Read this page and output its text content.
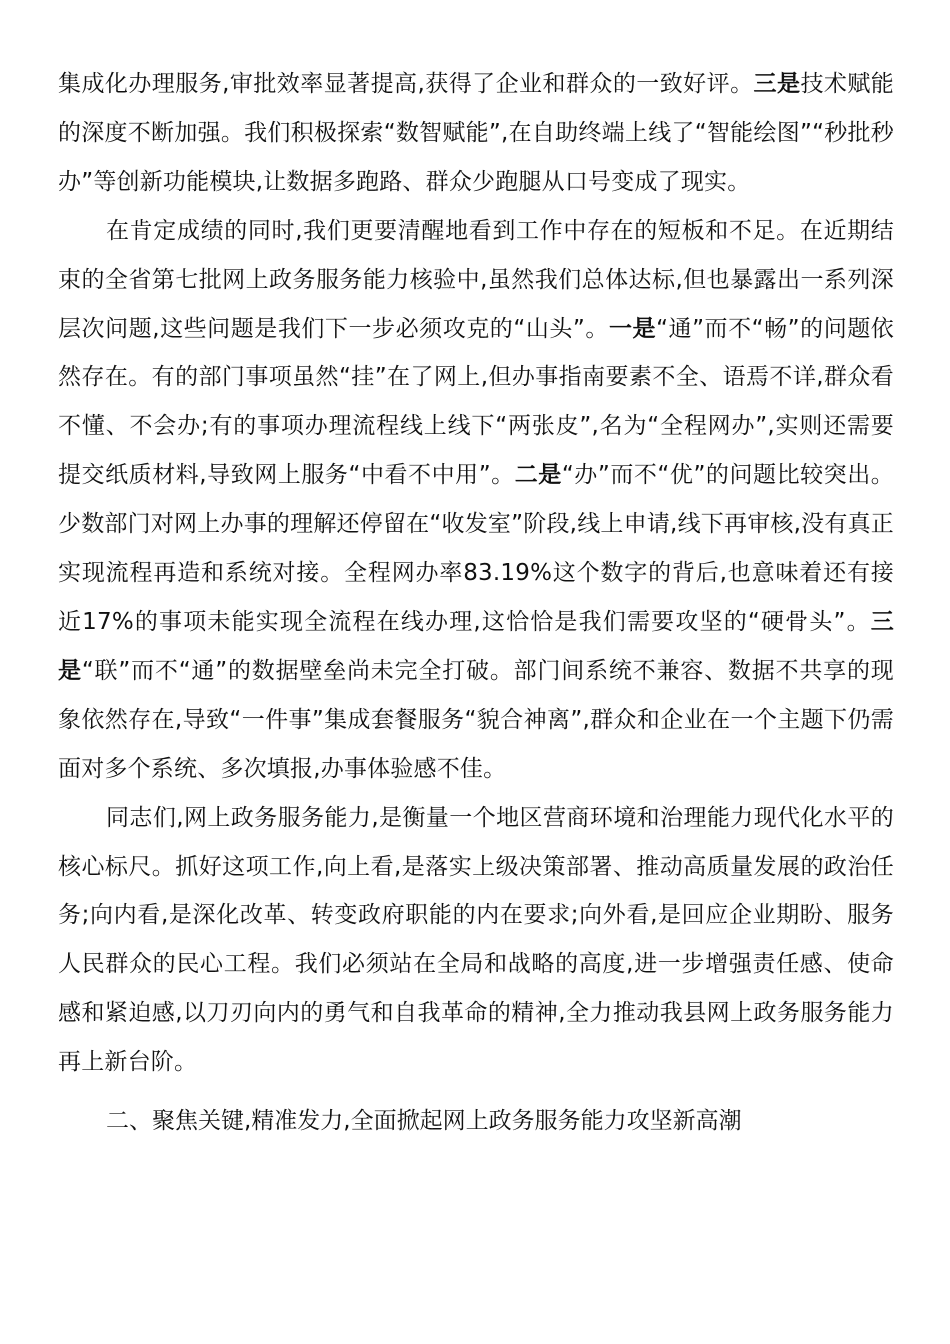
集成化办理服务,审批效率显著提高,获得了企业和群众的一致好评。三是技术赋能的深度不断加强。我们积极探索“数智赋能”,在自助终端上线了“智能绘图”“秒批秒办”等创新功能模块,让数据多跑路、群众少跑腿从口号变成了现实。

在肯定成绩的同时,我们更要清醒地看到工作中存在的短板和不足。在近期结束的全省第七批网上政务服务能力核验中,虽然我们总体达标,但也暴露出一系列深层次问题,这些问题是我们下一步必须攻克的“山头”。一是“通”而不“畅”的问题依然存在。有的部门事项虽然“挂”在了网上,但办事指南要素不全、语焉不详,群众看不懂、不会办;有的事项办理流程线上线下“两张皮”,名为“全程网办”,实则还需要提交纸质材料,导致网上服务“中看不中用”。二是“办”而不“优”的问题比较突出。少数部门对网上办事的理解还停留在“收发室”阶段,线上申请,线下再审核,没有真正实现流程再造和系统对接。全程网办率83.19%这个数字的背后,也意味着还有接近17%的事项未能实现全流程在线办理,这恰恰是我们需要攻坚的“硬骨头”。三是“联”而不“通”的数据壁垒尚未完全打破。部门间系统不兼容、数据不共享的现象依然存在,导致“一件事”集成套餐服务“貌合神离”,群众和企业在一个主题下仍需面对多个系统、多次填报,办事体验感不佳。

同志们,网上政务服务能力,是衡量一个地区营商环境和治理能力现代化水平的核心标尺。抓好这项工作,向上看,是落实上级决策部署、推动高质量发展的政治任务;向内看,是深化改革、转变政府职能的内在要求;向外看,是回应企业期盼、服务人民群众的民心工程。我们必须站在全局和战略的高度,进一步增强责任感、使命感和紧迫感,以刀刃向内的勇气和自我革命的精神,全力推动我县网上政务服务能力再上新台阶。

二、聚焦关键,精准发力,全面掀起网上政务服务能力攻坚新高潮
